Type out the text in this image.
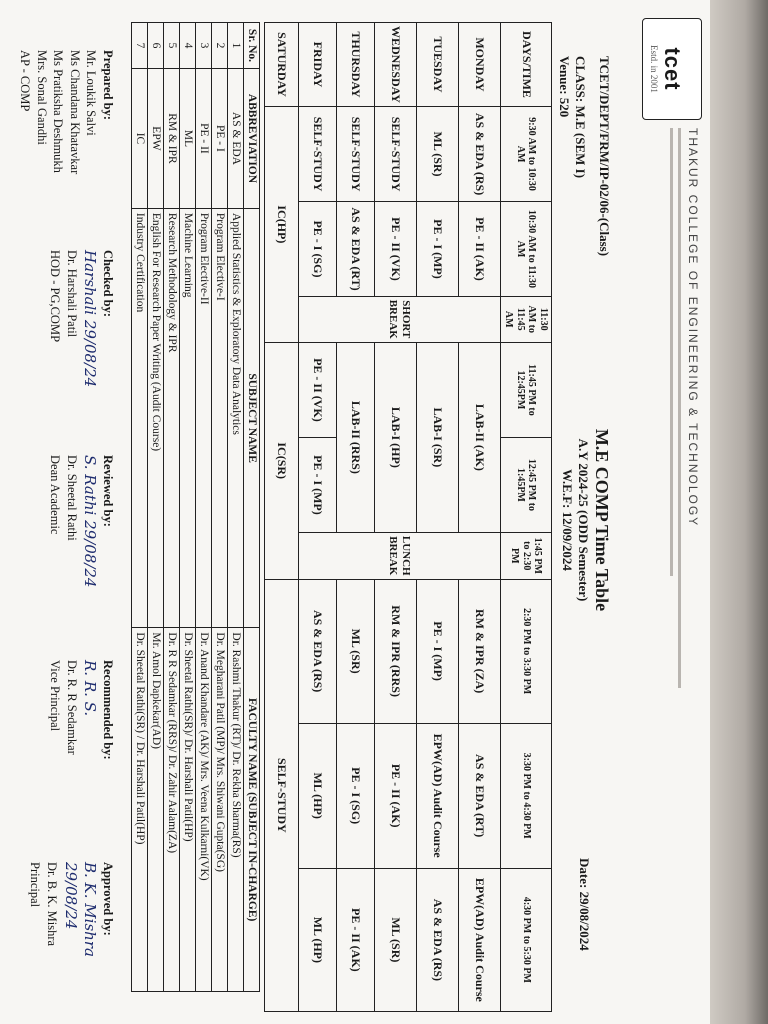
tcet
Estd. in 2001
THAKUR COLLEGE OF ENGINEERING & TECHNOLOGY
TCET/DEPT/FRM/IP-02/06-(Class)
CLASS: M.E (SEM I)
Venue: 520
M.E COMP Time Table
A.Y 2024-25 (ODD Semester)
W.E.F: 12/09/2024
Date: 29/08/2024
DAYS/TIME	9:30 AM to 10:30 AM	10:30 AM to 11:30 AM	11:30 AM to 11:45 AM	11:45 PM to 12:45PM	12:45 PM to 1:45PM	1:45 PM to 2:30 PM	2:30 PM to 3:30 PM	3:30 PM to 4:30 PM	4:30 PM to 5:30 PM
MONDAY	AS & EDA (RS)	PE - II (AK)	SHORT BREAK	LAB-II (AK)		LUNCH BREAK	RM & IPR (ZA)	AS & EDA (RT)	EPW(AD) Audit Course
TUESDAY	ML (SR)	PE - I (MP)		LAB-I (SR)			PE - I (MP)	EPW(AD) Audit Course	AS & EDA (RS)
WEDNESDAY	SELF-STUDY	PE - II (VK)		LAB-I (HP)			RM & IPR (RRS)	PE - II (AK)	ML (SR)
THURSDAY	SELF-STUDY	AS & EDA (RT)		LAB-II (RRS)			ML (SR)	PE - I (SG)	PE - II (AK)
FRIDAY	SELF-STUDY	PE - I (SG)		PE - II (VK)	PE - I (MP)		AS & EDA (RS)	ML (HP)	ML (HP)
SATURDAY	IC(HP)			IC(SR)			SELF-STUDY		
Sr. No.	ABBREVIATION	SUBJECT NAME	FACULTY NAME (SUBJECT IN-CHARGE)
1	AS & EDA	Applied Statistics & Exploratory Data Analytics	Dr. Rashmi Thakur (RT)/ Dr. Rekha Sharma(RS)
2	PE - I	Program Elective-I	Dr. Megharani Patil (MP)/ Mrs. Shiwani Gupta(SG)
3	PE - II	Program Elective-II	Dr. Anand Khandare (AK)/ Mrs. Veena Kulkarni(VK)
4	ML	Machine Learning	Dr. Sheetal Rathi(SR)/ Dr. Harshali Patil(HP)
5	RM & IPR	Research Methodology & IPR	Dr. R R Sedamkar (RRS)/ Dr. Zahir Aalam(ZA)
6	EPW	English For Research Paper Writing (Audit Course)	Mr. Amol Dapkekar(AD)
7	IC	Industry Certification	Dr. Sheetal Rathi(SR) / Dr. Harshali Patil(HP)
Prepared by:
Mr. Loukik Salvi
Ms Chandana Khatavkar
Ms Pratiksha Deshmukh
Mrs. Sonal Gandhi
AP - COMP
Checked by:
Harshali 29/08/24
Dr. Harshali Patil
HOD - PG,COMP
Reviewed by:
S. Rathi 29/08/24
Dr. Sheetal Rathi
Dean Academic
Recommended by:
R. R. S.
Dr. R. R Sedamkar
Vice Principal
Approved by:
B. K. Mishra 29/08/24
Dr. B. K. Mishra
Principal
